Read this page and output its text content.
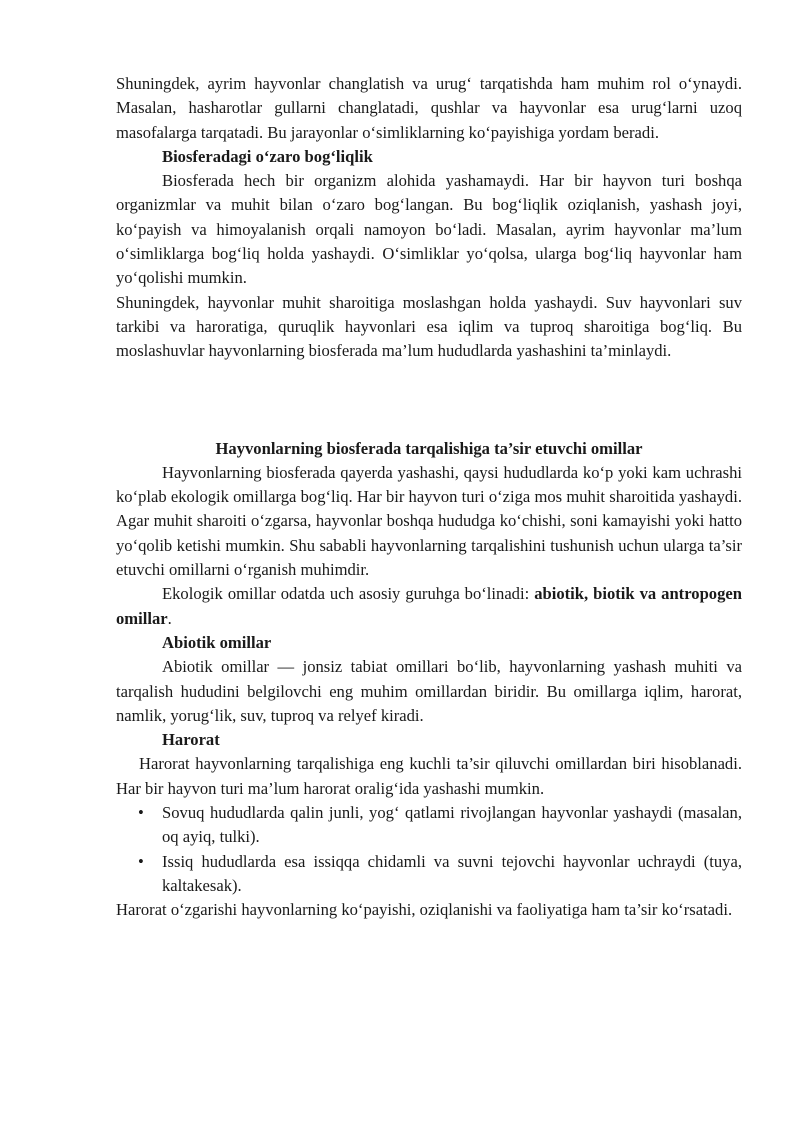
Shuningdek, ayrim hayvonlar changlatish va urug‘ tarqatishda ham muhim rol o‘ynaydi. Masalan, hasharotlar gullarni changlatadi, qushlar va hayvonlar esa urug‘larni uzoq masofalarga tarqatadi. Bu jarayonlar o‘simliklarning ko‘payishiga yordam beradi.

Biosferadagi o‘zaro bog‘liqlik

Biosferada hech bir organizm alohida yashamaydi. Har bir hayvon turi boshqa organizmlar va muhit bilan o‘zaro bog‘langan. Bu bog‘liqlik oziqlanish, yashash joyi, ko‘payish va himoyalanish orqali namoyon bo‘ladi. Masalan, ayrim hayvonlar ma’lum o‘simliklarga bog‘liq holda yashaydi. O‘simliklar yo‘qolsa, ularga bog‘liq hayvonlar ham yo‘qolishi mumkin.

Shuningdek, hayvonlar muhit sharoitiga moslashgan holda yashaydi. Suv hayvonlari suv tarkibi va haroratiga, quruqlik hayvonlari esa iqlim va tuproq sharoitiga bog‘liq. Bu moslashuvlar hayvonlarning biosferada ma’lum hududlarda yashashini ta’minlaydi.

Hayvonlarning biosferada tarqalishiga ta’sir etuvchi omillar

Hayvonlarning biosferada qayerda yashashi, qaysi hududlarda ko‘p yoki kam uchrashi ko‘plab ekologik omillarga bog‘liq. Har bir hayvon turi o‘ziga mos muhit sharoitida yashaydi. Agar muhit sharoiti o‘zgarsa, hayvonlar boshqa hududga ko‘chishi, soni kamayishi yoki hatto yo‘qolib ketishi mumkin. Shu sababli hayvonlarning tarqalishini tushunish uchun ularga ta’sir etuvchi omillarni o‘rganish muhimdir.

Ekologik omillar odatda uch asosiy guruhga bo‘linadi: abiotik, biotik va antropogen omillar.

Abiotik omillar

Abiotik omillar — jonsiz tabiat omillari bo‘lib, hayvonlarning yashash muhiti va tarqalish hududini belgilovchi eng muhim omillardan biridir. Bu omillarga iqlim, harorat, namlik, yorug‘lik, suv, tuproq va relyef kiradi.

Harorat

Harorat hayvonlarning tarqalishiga eng kuchli ta’sir qiluvchi omillardan biri hisoblanadi. Har bir hayvon turi ma’lum harorat oralig‘ida yashashi mumkin.

• Sovuq hududlarda qalin junli, yog‘ qatlami rivojlangan hayvonlar yashaydi (masalan, oq ayiq, tulki).
• Issiq hududlarda esa issiqqa chidamli va suvni tejovchi hayvonlar uchraydi (tuya, kaltakesak).

Harorat o‘zgarishi hayvonlarning ko‘payishi, oziqlanishi va faoliyatiga ham ta’sir ko‘rsatadi.
